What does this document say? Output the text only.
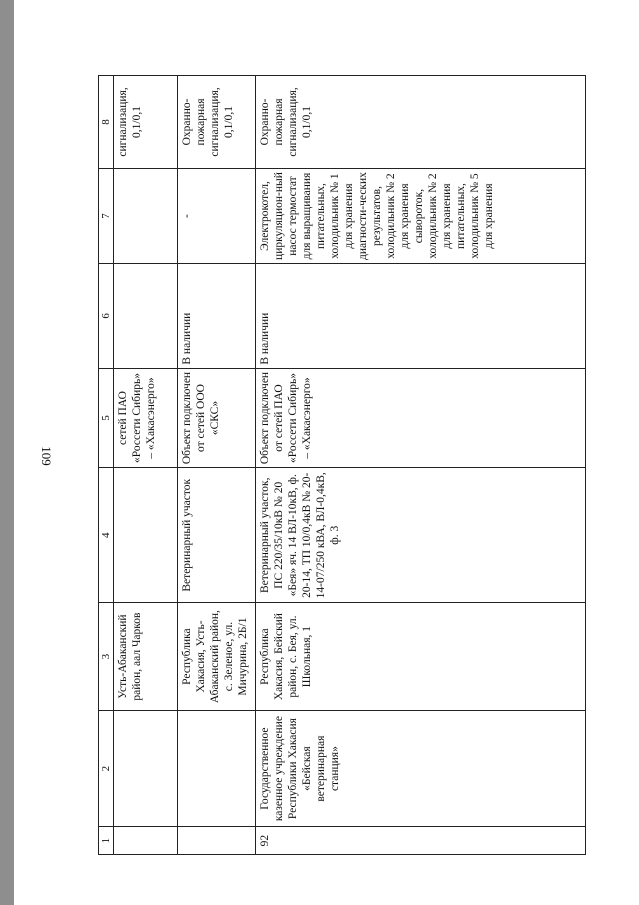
109
1	2	3	4	5	6	7	8
		Усть-Абаканский район, аал Чарков		сетей ПАО «Россети Сибирь» – «Хакасэнерго»			сигнализация, 0,1/0,1
		Республика Хакасия, Усть-Абаканский район, с. Зеленое, ул. Мичурина, 2Б/1	Ветеринарный участок	Объект подключен от сетей ООО «СКС»	В наличии	-	Охранно-пожарная сигнализация, 0,1/0,1
92	Государственное казенное учреждение Республики Хакасия «Бейская ветеринарная станция»	Республика Хакасия, Бейский район, с. Бея, ул. Школьная, 1	Ветеринарный участок, ПС 220/35/10кВ № 20 «Бея» яч. 14 ВЛ-10кВ, ф. 20-14, ТП 10/0,4кВ № 20-14-07/250 кВА, ВЛ-0,4кВ, ф. 3	Объект подключен от сетей ПАО «Россети Сибирь» – «Хакасэнерго»	В наличии	Электрокотел, циркуляцион-ный насос термостат для выращивания питательных, холодильник № 1 для хранения диагности-ческих результатов, холодильник № 2 для хранения сывороток, холодильник № 2 для хранения питательных, холодильник № 5 для хранения	Охранно-пожарная сигнализация, 0,1/0,1
